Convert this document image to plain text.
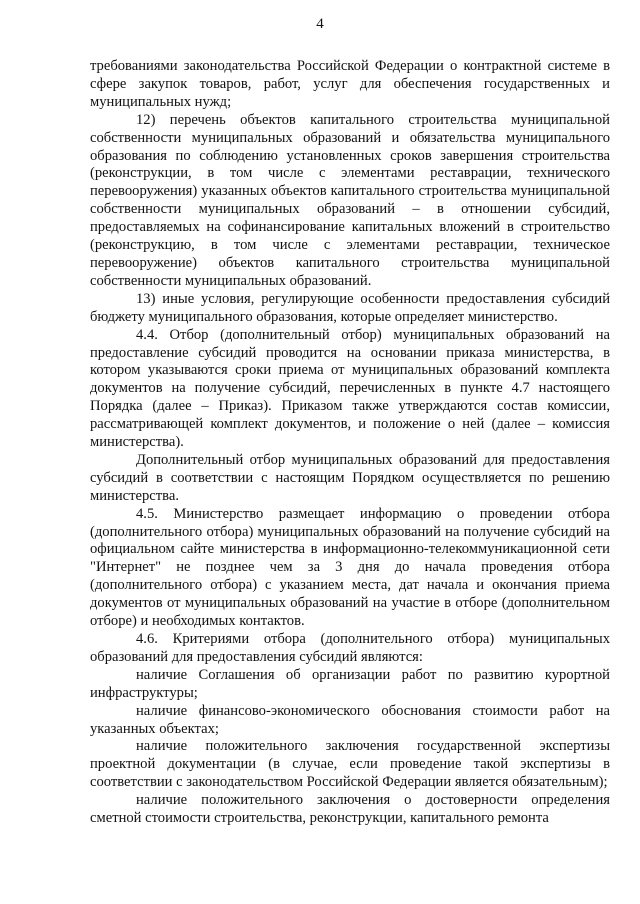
4

требованиями законодательства Российской Федерации о контрактной системе в сфере закупок товаров, работ, услуг для обеспечения государственных и муниципальных нужд;

12) перечень объектов капитального строительства муниципальной собственности муниципальных образований и обязательства муниципального образования по соблюдению установленных сроков завершения строительства (реконструкции, в том числе с элементами реставрации, технического перевооружения) указанных объектов капитального строительства муниципальной собственности муниципальных образований – в отношении субсидий, предоставляемых на софинансирование капитальных вложений в строительство (реконструкцию, в том числе с элементами реставрации, техническое перевооружение) объектов капитального строительства муниципальной собственности муниципальных образований.

13) иные условия, регулирующие особенности предоставления субсидий бюджету муниципального образования, которые определяет министерство.

4.4. Отбор (дополнительный отбор) муниципальных образований на предоставление субсидий проводится на основании приказа министерства, в котором указываются сроки приема от муниципальных образований комплекта документов на получение субсидий, перечисленных в пункте 4.7 настоящего Порядка (далее – Приказ). Приказом также утверждаются состав комиссии, рассматривающей комплект документов, и положение о ней (далее – комиссия министерства).

Дополнительный отбор муниципальных образований для предоставления субсидий в соответствии с настоящим Порядком осуществляется по решению министерства.

4.5. Министерство размещает информацию о проведении отбора (дополнительного отбора) муниципальных образований на получение субсидий на официальном сайте министерства в информационно-телекоммуникационной сети "Интернет" не позднее чем за 3 дня до начала проведения отбора (дополнительного отбора) с указанием места, дат начала и окончания приема документов от муниципальных образований на участие в отборе (дополнительном отборе) и необходимых контактов.

4.6. Критериями отбора (дополнительного отбора) муниципальных образований для предоставления субсидий являются:

наличие Соглашения об организации работ по развитию курортной инфраструктуры;

наличие финансово-экономического обоснования стоимости работ на указанных объектах;

наличие положительного заключения государственной экспертизы проектной документации (в случае, если проведение такой экспертизы в соответствии с законодательством Российской Федерации является обязательным);

наличие положительного заключения о достоверности определения сметной стоимости строительства, реконструкции, капитального ремонта
